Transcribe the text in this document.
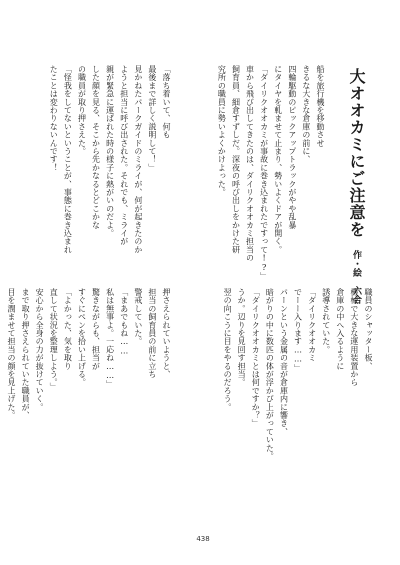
大オオカミにご注意を
作・絵　六合
船を旅行機を移動させ
きるな大きな倉庫の前に、
四輪駆動のピックアップトラックがやや乱暴
にタイヤを軋ませて止まり、勢いよくドアが開く。
「ダイリクオオカミが事故に巻き込まれたですって!?」
車から飛び出してきたのは、ダイリクオオカミ担当の
飼育員、細倉すずしだ。深夜の呼び出しをかけた研
究所の職員に勢いよくかけよった。
「落ち着いて、何も
最後まで詳しく説明して！」
見かねたパークガイドのミライが、何が起きたのか
ようと担当に呼び出された。それでも、ミライが
親が緊急に運ばれた時の様子に熱がいのだよ。
した顔を見る、そこから先かなるとどこかな
の職員が取り押さえた。
「怪我をしてないということが、事態に巻き込まれ
たことは変わりないんです！
職員のシャッター板、
機械で大きな運用装置から
倉庫の中へ入るように
誘導されていた。
「ダイリクオオカミ
でーー入ります……」
パーンという金属の音が倉庫内に響き、
暗がりの中に数匹の体が浮かび上がっていた。
「ダイリクオオカミとは何ですか？」
うか。辺りを見回す担当。
翌の向こうに目をやるのだろう。
押さえられていようと、
担当の飼育員の前に立ち
警戒していた。
「まあでもね……
私は無事よ。一応ね……」
驚きながらも、担当が
すぐにペンを拾い上げる。
「よかった、気を取り
直して状況を整理しよう。」
安心から全身の力が抜けていく。
まで取り押さえられていた職員が、
目を潤ませて担当の顔を見上げた。
438
